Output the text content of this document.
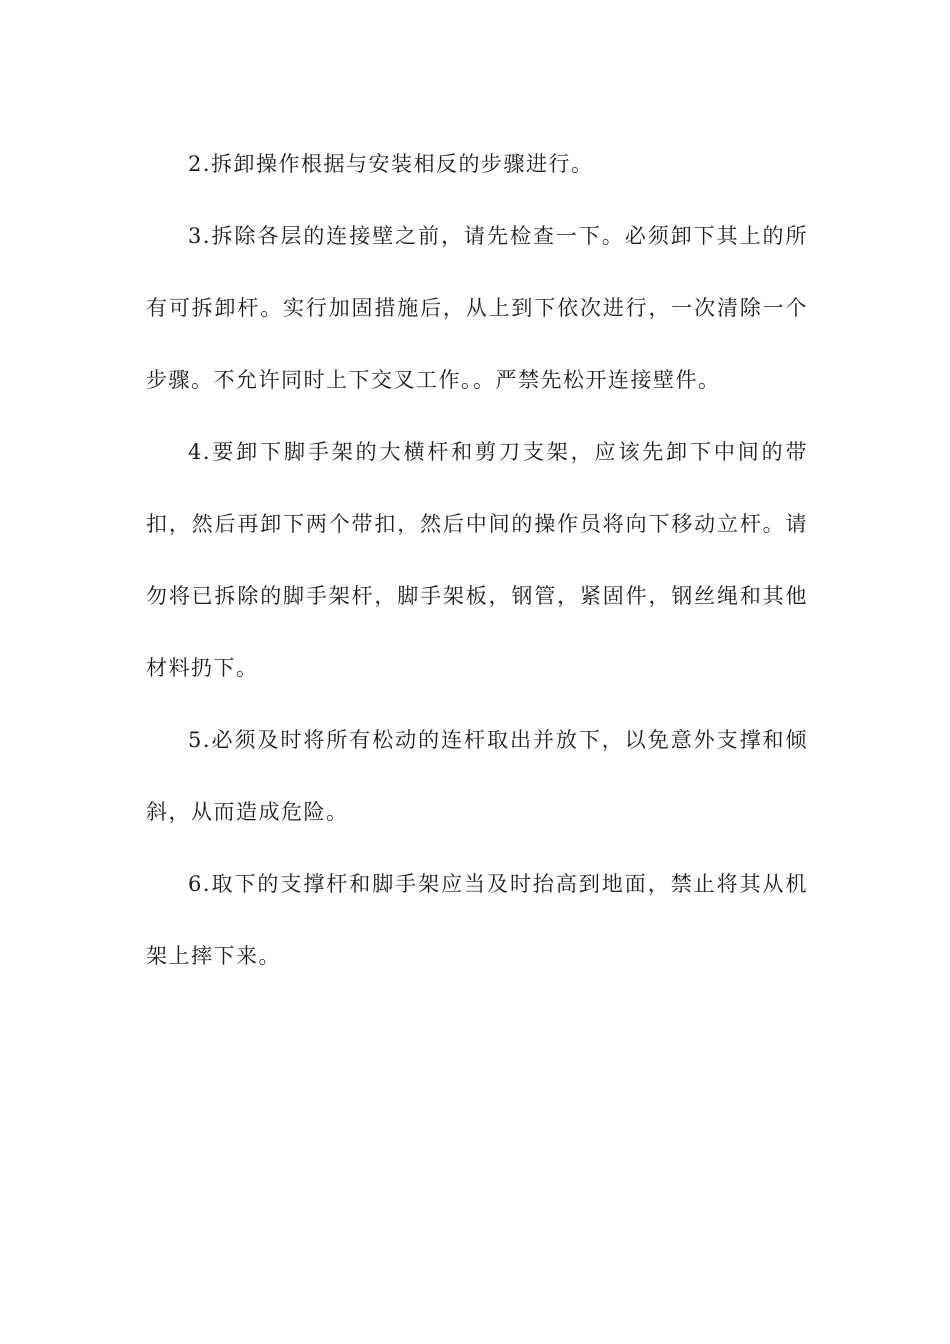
2.拆卸操作根据与安装相反的步骤进行。

3.拆除各层的连接壁之前，请先检查一下。必须卸下其上的所有可拆卸杆。实行加固措施后，从上到下依次进行，一次清除一个步骤。不允许同时上下交叉工作。。严禁先松开连接壁件。

4.要卸下脚手架的大横杆和剪刀支架，应该先卸下中间的带扣，然后再卸下两个带扣，然后中间的操作员将向下移动立杆。请勿将已拆除的脚手架杆，脚手架板，钢管，紧固件，钢丝绳和其他材料扔下。

5.必须及时将所有松动的连杆取出并放下，以免意外支撑和倾斜，从而造成危险。

6.取下的支撑杆和脚手架应当及时抬高到地面，禁止将其从机架上摔下来。
